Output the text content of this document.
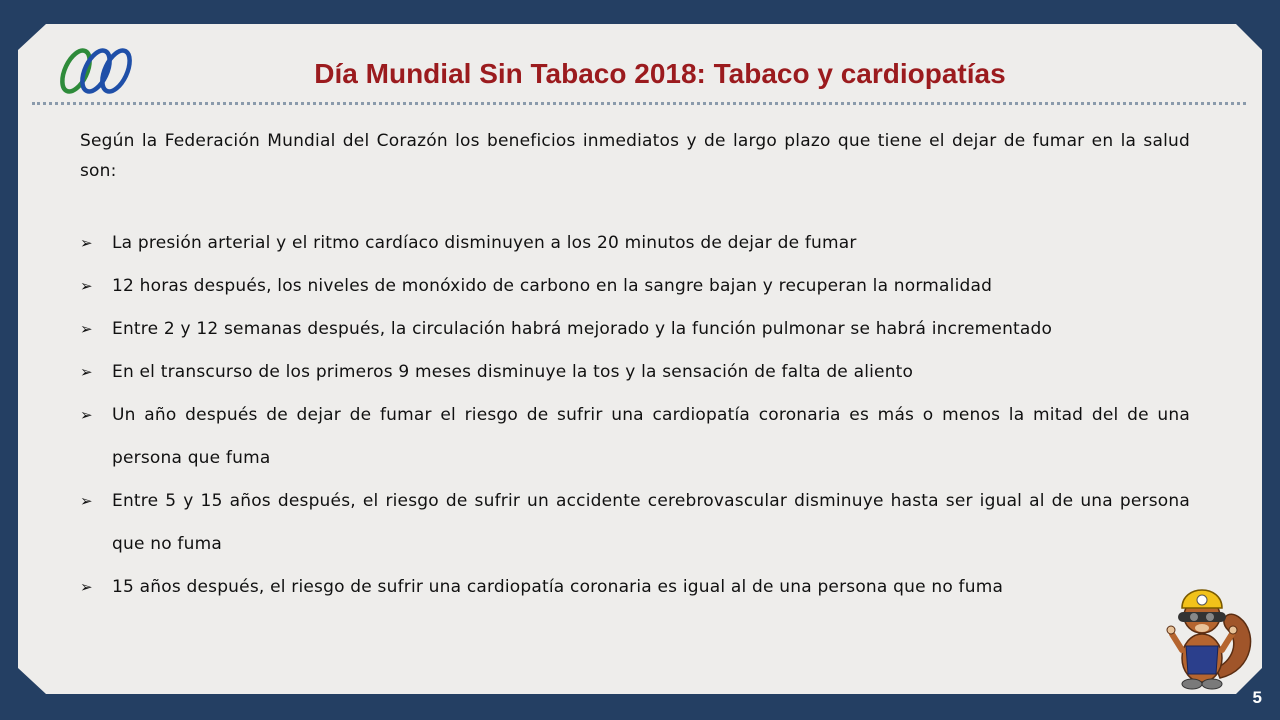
Día Mundial Sin Tabaco 2018: Tabaco y cardiopatías
Según la Federación Mundial del Corazón los beneficios inmediatos y de largo plazo que tiene el dejar de fumar en la salud son:
➢ La presión arterial y el ritmo cardíaco disminuyen a los 20 minutos de dejar de fumar
➢ 12 horas después, los niveles de monóxido de carbono en la sangre bajan y recuperan la normalidad
➢ Entre 2 y 12 semanas después, la circulación habrá mejorado y la función pulmonar se habrá incrementado
➢ En el transcurso de los primeros 9 meses disminuye la tos y la sensación de falta de aliento
➢ Un año después de dejar de fumar el riesgo de sufrir una cardiopatía coronaria es más o menos la mitad del de una persona que fuma
➢ Entre 5 y 15 años después, el riesgo de sufrir un accidente cerebrovascular disminuye hasta ser igual al de una persona que no fuma
➢ 15 años después, el riesgo de sufrir una cardiopatía coronaria es igual al de una persona que no fuma
5
